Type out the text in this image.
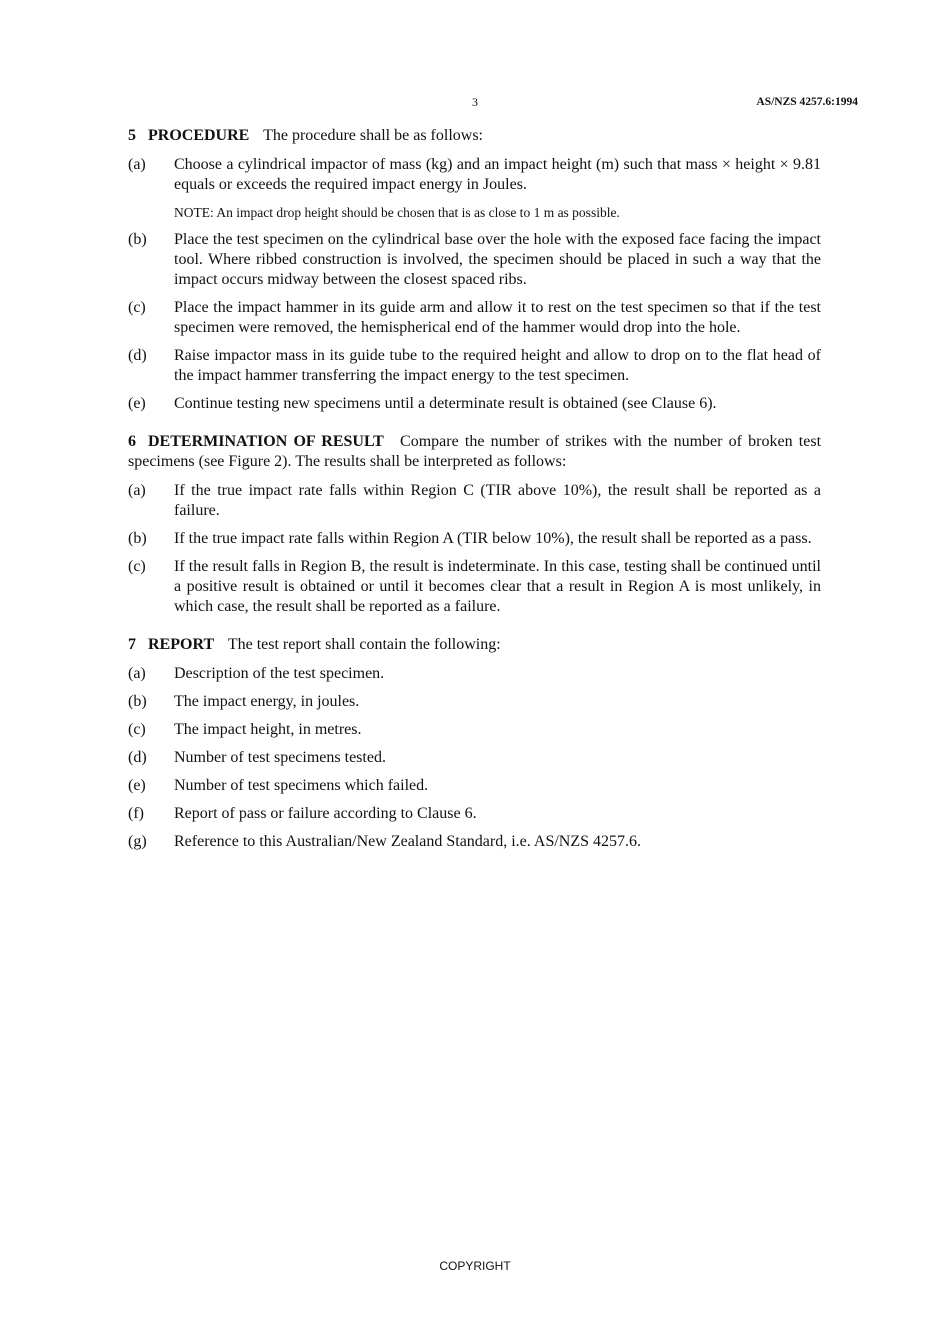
3	AS/NZS 4257.6:1994

5 PROCEDURE The procedure shall be as follows:

(a)	Choose a cylindrical impactor of mass (kg) and an impact height (m) such that mass × height × 9.81 equals or exceeds the required impact energy in Joules.
NOTE: An impact drop height should be chosen that is as close to 1 m as possible.
(b)	Place the test specimen on the cylindrical base over the hole with the exposed face facing the impact tool. Where ribbed construction is involved, the specimen should be placed in such a way that the impact occurs midway between the closest spaced ribs.
(c)	Place the impact hammer in its guide arm and allow it to rest on the test specimen so that if the test specimen were removed, the hemispherical end of the hammer would drop into the hole.
(d)	Raise impactor mass in its guide tube to the required height and allow to drop on to the flat head of the impact hammer transferring the impact energy to the test specimen.
(e)	Continue testing new specimens until a determinate result is obtained (see Clause 6).

6 DETERMINATION OF RESULT Compare the number of strikes with the number of broken test specimens (see Figure 2). The results shall be interpreted as follows:

(a)	If the true impact rate falls within Region C (TIR above 10%), the result shall be reported as a failure.
(b)	If the true impact rate falls within Region A (TIR below 10%), the result shall be reported as a pass.
(c)	If the result falls in Region B, the result is indeterminate. In this case, testing shall be continued until a positive result is obtained or until it becomes clear that a result in Region A is most unlikely, in which case, the result shall be reported as a failure.

7 REPORT The test report shall contain the following:

(a)	Description of the test specimen.
(b)	The impact energy, in joules.
(c)	The impact height, in metres.
(d)	Number of test specimens tested.
(e)	Number of test specimens which failed.
(f)	Report of pass or failure according to Clause 6.
(g)	Reference to this Australian/New Zealand Standard, i.e. AS/NZS 4257.6.
COPYRIGHT
